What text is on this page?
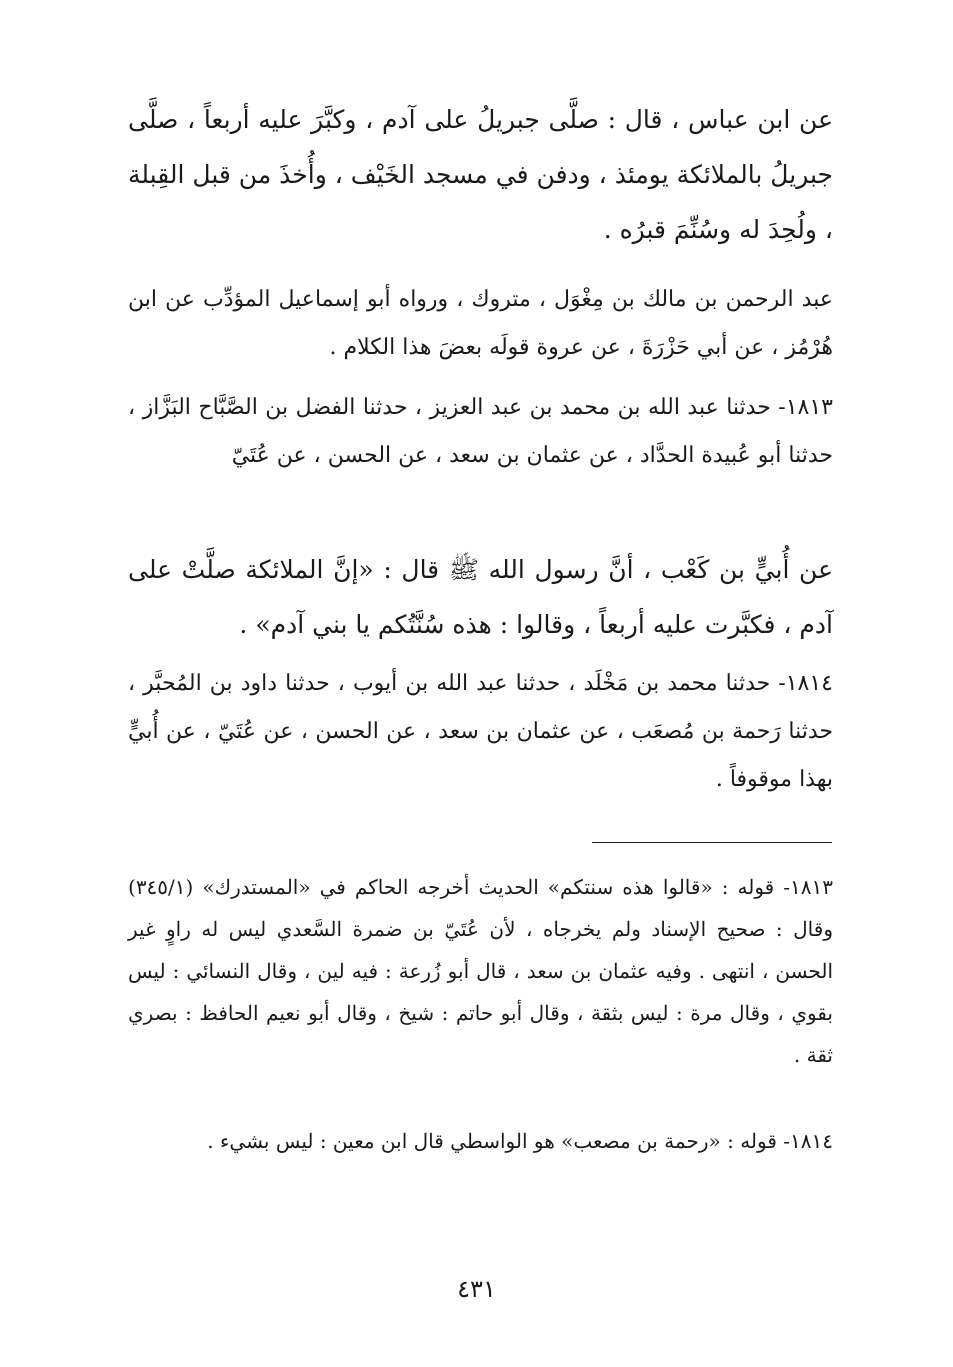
عن ابن عباس ، قال : صلَّى جبريلُ على آدم ، وكبَّرَ عليه أربعاً ، صلَّى جبريلُ بالملائكة يومئذ ، ودفن في مسجد الخَيْف ، وأُخذَ من قبل القِبلة ، ولُحِدَ له وسُنِّمَ قبرُه .

عبد الرحمن بن مالك بن مِغْوَل ، متروك ، ورواه أبو إسماعيل المؤدِّب عن ابن هُرْمُز ، عن أبي حَزْرَةَ ، عن عروة قولَه بعضَ هذا الكلام .

١٨١٣- حدثنا عبد الله بن محمد بن عبد العزيز ، حدثنا الفضل بن الصَّبَّاح البَزَّاز ، حدثنا أبو عُبيدة الحدَّاد ، عن عثمان بن سعد ، عن الحسن ، عن عُتَيّ

عن أُبيٍّ بن كَعْب ، أنَّ رسول الله ﷺ قال : «إنَّ الملائكة صلَّتْ على آدم ، فكبَّرت عليه أربعاً ، وقالوا : هذه سُنَّتُكم يا بني آدم» .

١٨١٤- حدثنا محمد بن مَخْلَد ، حدثنا عبد الله بن أيوب ، حدثنا داود بن المُحبَّر ، حدثنا رَحمة بن مُصعَب ، عن عثمان بن سعد ، عن الحسن ، عن عُتَيّ ، عن أُبيٍّ بهذا موقوفاً .

١٨١٣- قوله : «قالوا هذه سنتكم» الحديث أخرجه الحاكم في «المستدرك» (٣٤٥/١) وقال : صحيح الإسناد ولم يخرجاه ، لأن عُتَيّ بن ضمرة السَّعدي ليس له راوٍ غير الحسن ، انتهى . وفيه عثمان بن سعد ، قال أبو زُرعة : فيه لين ، وقال النسائي : ليس بقوي ، وقال مرة : ليس بثقة ، وقال أبو حاتم : شيخ ، وقال أبو نعيم الحافظ : بصري ثقة .

١٨١٤- قوله : «رحمة بن مصعب» هو الواسطي قال ابن معين : ليس بشيء .

٤٣١
